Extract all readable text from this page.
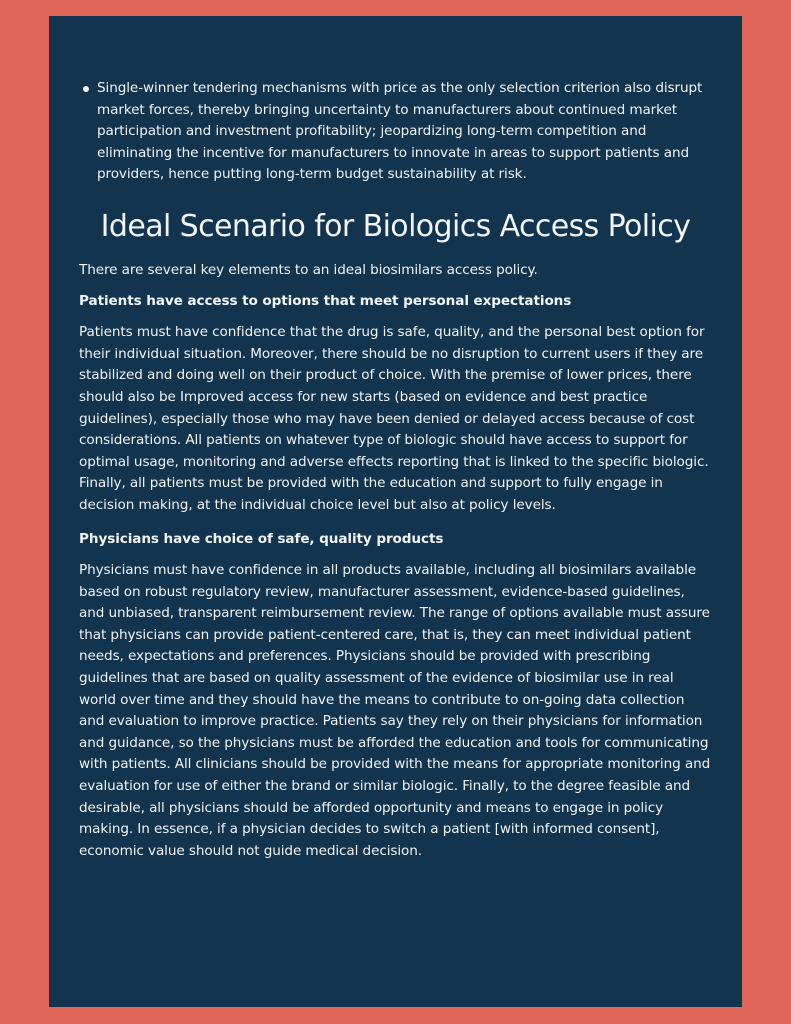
Single-winner tendering mechanisms with price as the only selection criterion also disrupt market forces, thereby bringing uncertainty to manufacturers about continued market participation and investment profitability; jeopardizing long-term competition and eliminating the incentive for manufacturers to innovate in areas to support patients and providers, hence putting long-term budget sustainability at risk.
Ideal Scenario for Biologics Access Policy

There are several key elements to an ideal biosimilars access policy.

Patients have access to options that meet personal expectations

Patients must have confidence that the drug is safe, quality, and the personal best option for their individual situation. Moreover, there should be no disruption to current users if they are stabilized and doing well on their product of choice. With the premise of lower prices, there should also be Improved access for new starts (based on evidence and best practice guidelines), especially those who may have been denied or delayed access because of cost considerations. All patients on whatever type of biologic should have access to support for optimal usage, monitoring and adverse effects reporting that is linked to the specific biologic. Finally, all patients must be provided with the education and support to fully engage in decision making, at the individual choice level but also at policy levels.

Physicians have choice of safe, quality products

Physicians must have confidence in all products available, including all biosimilars available based on robust regulatory review, manufacturer assessment, evidence-based guidelines, and unbiased, transparent reimbursement review. The range of options available must assure that physicians can provide patient-centered care, that is, they can meet individual patient needs, expectations and preferences. Physicians should be provided with prescribing guidelines that are based on quality assessment of the evidence of biosimilar use in real world over time and they should have the means to contribute to on-going data collection and evaluation to improve practice. Patients say they rely on their physicians for information and guidance, so the physicians must be afforded the education and tools for communicating with patients. All clinicians should be provided with the means for appropriate monitoring and evaluation for use of either the brand or similar biologic. Finally, to the degree feasible and desirable, all physicians should be afforded opportunity and means to engage in policy making. In essence, if a physician decides to switch a patient [with informed consent], economic value should not guide medical decision.
